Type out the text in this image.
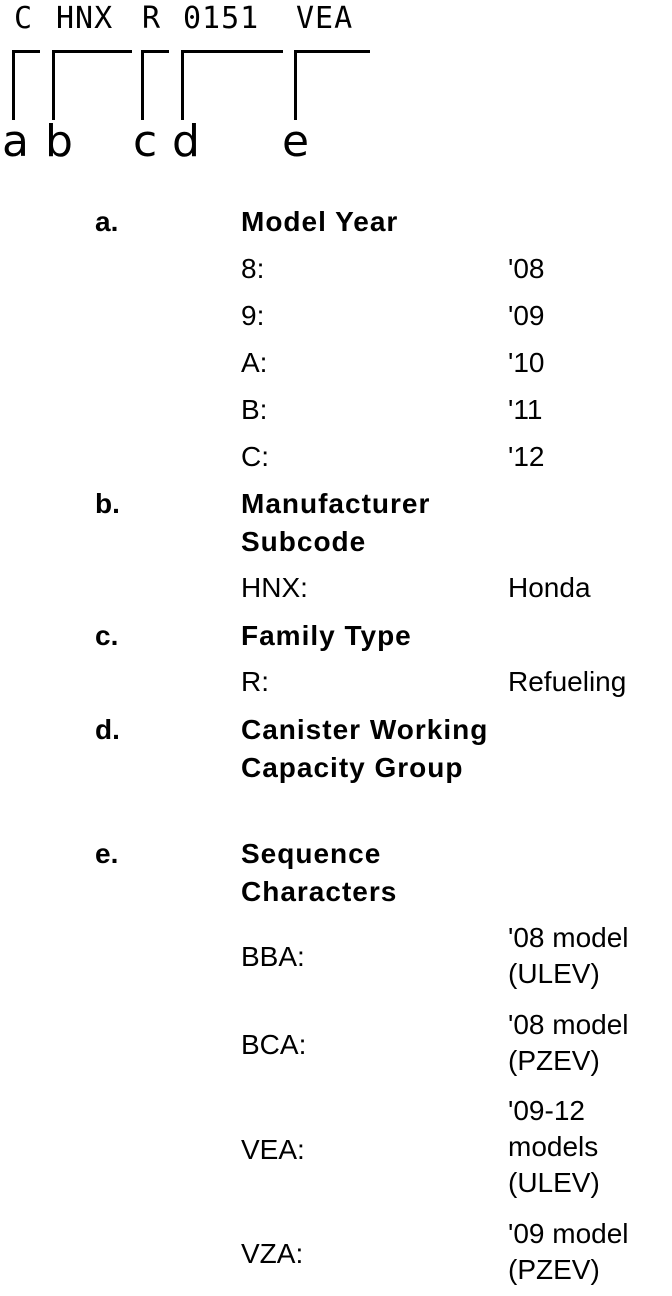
C HNX R 0151 VEA
a b c d e
a.	Model Year
8:	'08
9:	'09
A:	'10
B:	'11
C:	'12
b.	Manufacturer Subcode
HNX:	Honda
c.	Family Type
R:	Refueling
d.	Canister Working Capacity Group
e.	Sequence Characters
BBA:
'08 model (ULEV)
BCA:
'08 model (PZEV)
VEA:
'09-12 models (ULEV)
VZA:
'09 model (PZEV)
